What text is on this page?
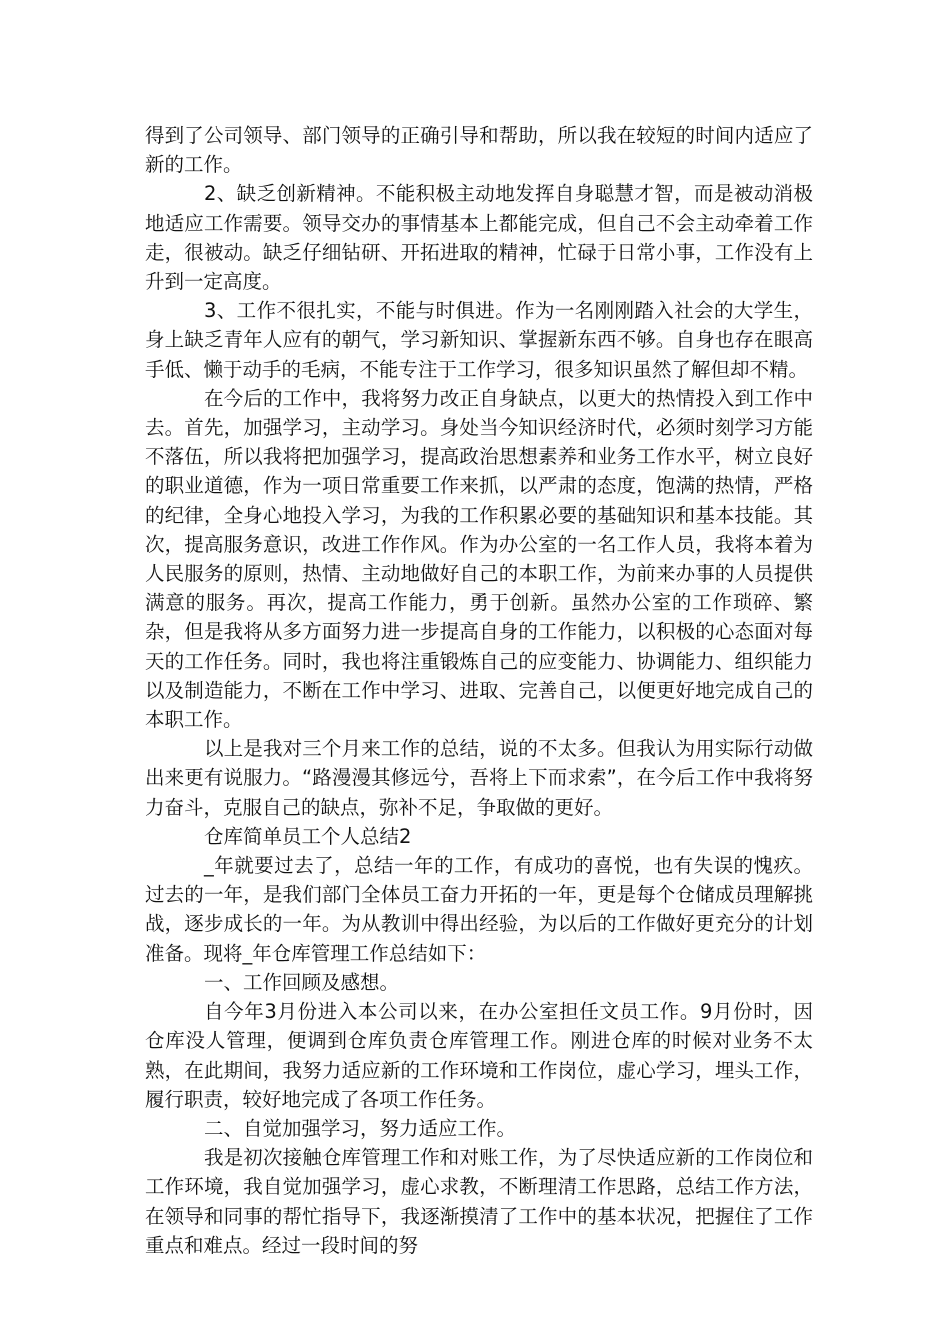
得到了公司领导、部门领导的正确引导和帮助，所以我在较短的时间内适应了新的工作。

2、缺乏创新精神。不能积极主动地发挥自身聪慧才智，而是被动消极地适应工作需要。领导交办的事情基本上都能完成，但自己不会主动牵着工作走，很被动。缺乏仔细钻研、开拓进取的精神，忙碌于日常小事，工作没有上升到一定高度。

3、工作不很扎实，不能与时俱进。作为一名刚刚踏入社会的大学生，身上缺乏青年人应有的朝气，学习新知识、掌握新东西不够。自身也存在眼高手低、懒于动手的毛病，不能专注于工作学习，很多知识虽然了解但却不精。

在今后的工作中，我将努力改正自身缺点，以更大的热情投入到工作中去。首先，加强学习，主动学习。身处当今知识经济时代，必须时刻学习方能不落伍，所以我将把加强学习，提高政治思想素养和业务工作水平，树立良好的职业道德，作为一项日常重要工作来抓，以严肃的态度，饱满的热情，严格的纪律，全身心地投入学习，为我的工作积累必要的基础知识和基本技能。其次，提高服务意识，改进工作作风。作为办公室的一名工作人员，我将本着为人民服务的原则，热情、主动地做好自己的本职工作，为前来办事的人员提供满意的服务。再次，提高工作能力，勇于创新。虽然办公室的工作琐碎、繁杂，但是我将从多方面努力进一步提高自身的工作能力，以积极的心态面对每天的工作任务。同时，我也将注重锻炼自己的应变能力、协调能力、组织能力以及制造能力，不断在工作中学习、进取、完善自己，以便更好地完成自己的本职工作。

以上是我对三个月来工作的总结，说的不太多。但我认为用实际行动做出来更有说服力。“路漫漫其修远兮，吾将上下而求索”，在今后工作中我将努力奋斗，克服自己的缺点，弥补不足，争取做的更好。

仓库简单员工个人总结2

_年就要过去了，总结一年的工作，有成功的喜悦，也有失误的愧疚。过去的一年，是我们部门全体员工奋力开拓的一年，更是每个仓储成员理解挑战，逐步成长的一年。为从教训中得出经验，为以后的工作做好更充分的计划准备。现将_年仓库管理工作总结如下：

一、工作回顾及感想。

自今年3月份进入本公司以来，在办公室担任文员工作。9月份时，因仓库没人管理，便调到仓库负责仓库管理工作。刚进仓库的时候对业务不太熟，在此期间，我努力适应新的工作环境和工作岗位，虚心学习，埋头工作，履行职责，较好地完成了各项工作任务。

二、自觉加强学习，努力适应工作。

我是初次接触仓库管理工作和对账工作，为了尽快适应新的工作岗位和工作环境，我自觉加强学习，虚心求教，不断理清工作思路，总结工作方法，在领导和同事的帮忙指导下，我逐渐摸清了工作中的基本状况，把握住了工作重点和难点。经过一段时间的努
